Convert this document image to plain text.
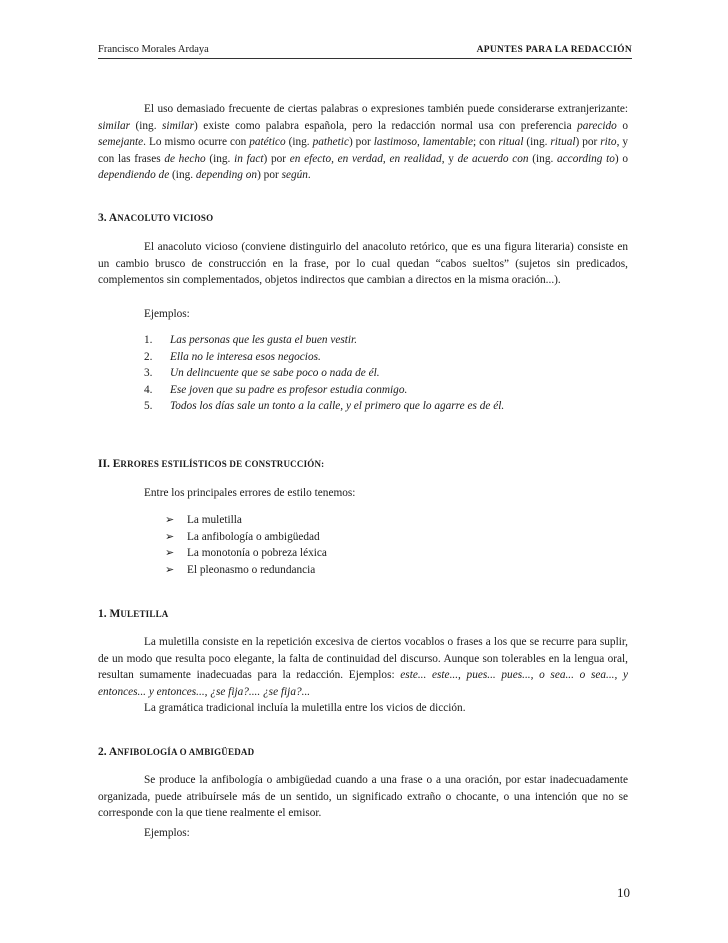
Francisco Morales Ardaya	APUNTES PARA LA REDACCIÓN

El uso demasiado frecuente de ciertas palabras o expresiones también puede considerarse extranjerizante: similar (ing. similar) existe como palabra española, pero la redacción normal usa con preferencia parecido o semejante. Lo mismo ocurre con patético (ing. pathetic) por lastimoso, lamentable; con ritual (ing. ritual) por rito, y con las frases de hecho (ing. in fact) por en efecto, en verdad, en realidad, y de acuerdo con (ing. according to) o dependiendo de (ing. depending on) por según.

3. ANACOLUTO VICIOSO

El anacoluto vicioso (conviene distinguirlo del anacoluto retórico, que es una figura literaria) consiste en un cambio brusco de construcción en la frase, por lo cual quedan “cabos sueltos” (sujetos sin predicados, complementos sin complementados, objetos indirectos que cambian a directos en la misma oración...).

Ejemplos:

1. Las personas que les gusta el buen vestir.
2. Ella no le interesa esos negocios.
3. Un delincuente que se sabe poco o nada de él.
4. Ese joven que su padre es profesor estudia conmigo.
5. Todos los días sale un tonto a la calle, y el primero que lo agarre es de él.
II. ERRORES ESTILÍSTICOS DE CONSTRUCCIÓN:

Entre los principales errores de estilo tenemos:

➢ La muletilla
➢ La anfibología o ambigüedad
➢ La monotonía o pobreza léxica
➢ El pleonasmo o redundancia
1. MULETILLA

La muletilla consiste en la repetición excesiva de ciertos vocablos o frases a los que se recurre para suplir, de un modo que resulta poco elegante, la falta de continuidad del discurso. Aunque son tolerables en la lengua oral, resultan sumamente inadecuadas para la redacción. Ejemplos: este... este..., pues... pues..., o sea... o sea..., y entonces... y entonces..., ¿se fija?.... ¿se fija?...

La gramática tradicional incluía la muletilla entre los vicios de dicción.

2. ANFIBOLOGÍA O AMBIGÜEDAD

Se produce la anfibología o ambigüedad cuando a una frase o a una oración, por estar inadecuadamente organizada, puede atribuírsele más de un sentido, un significado extraño o chocante, o una intención que no se corresponde con la que tiene realmente el emisor.

Ejemplos:

10
